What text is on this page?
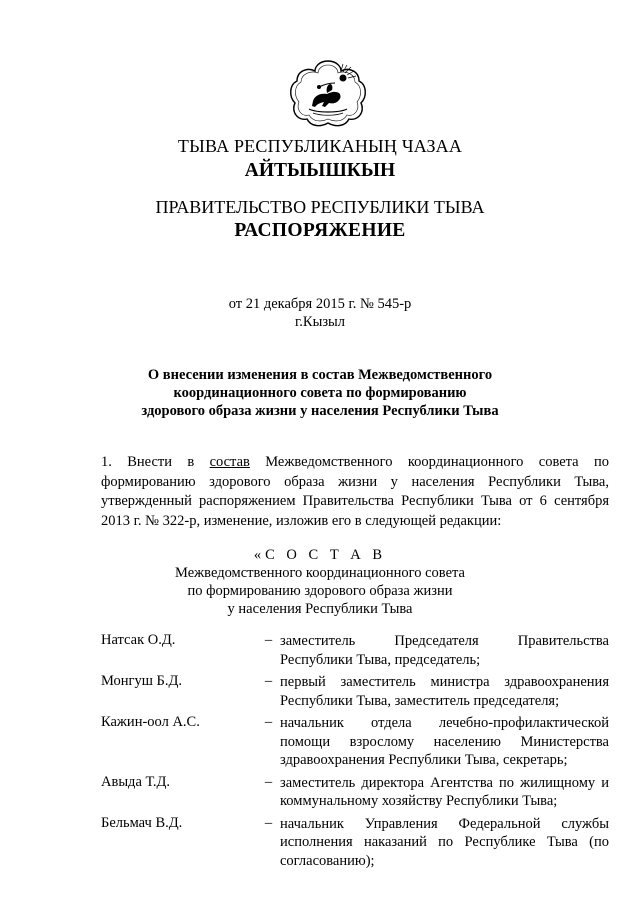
ТЫВА РЕСПУБЛИКАНЫҢ ЧАЗАА
АЙТЫЫШКЫН
ПРАВИТЕЛЬСТВО РЕСПУБЛИКИ ТЫВА
РАСПОРЯЖЕНИЕ
от 21 декабря 2015 г. № 545-р
г.Кызыл
О внесении изменения в состав Межведомственного
координационного совета по формированию
здорового образа жизни у населения Республики Тыва
1. Внести в состав Межведомственного координационного совета по формированию здорового образа жизни у населения Республики Тыва, утвержденный распоряжением Правительства Республики Тыва от 6 сентября 2013 г. № 322-р, изменение, изложив его в следующей редакции:
«С О С Т А В
Межведомственного координационного совета
по формированию здорового образа жизни
у населения Республики Тыва
Натсак О.Д.	– заместитель Председателя Правительства Республики Тыва, председатель;
Монгуш Б.Д.	– первый заместитель министра здравоохранения Республики Тыва, заместитель председателя;
Кажин-оол А.С.	– начальник отдела лечебно-профилактической помощи взрослому населению Министерства здравоохранения Республики Тыва, секретарь;
Авыда Т.Д.	– заместитель директора Агентства по жилищному и коммунальному хозяйству Республики Тыва;
Бельмач В.Д.	– начальник Управления Федеральной службы исполнения наказаний по Республике Тыва (по согласованию);
